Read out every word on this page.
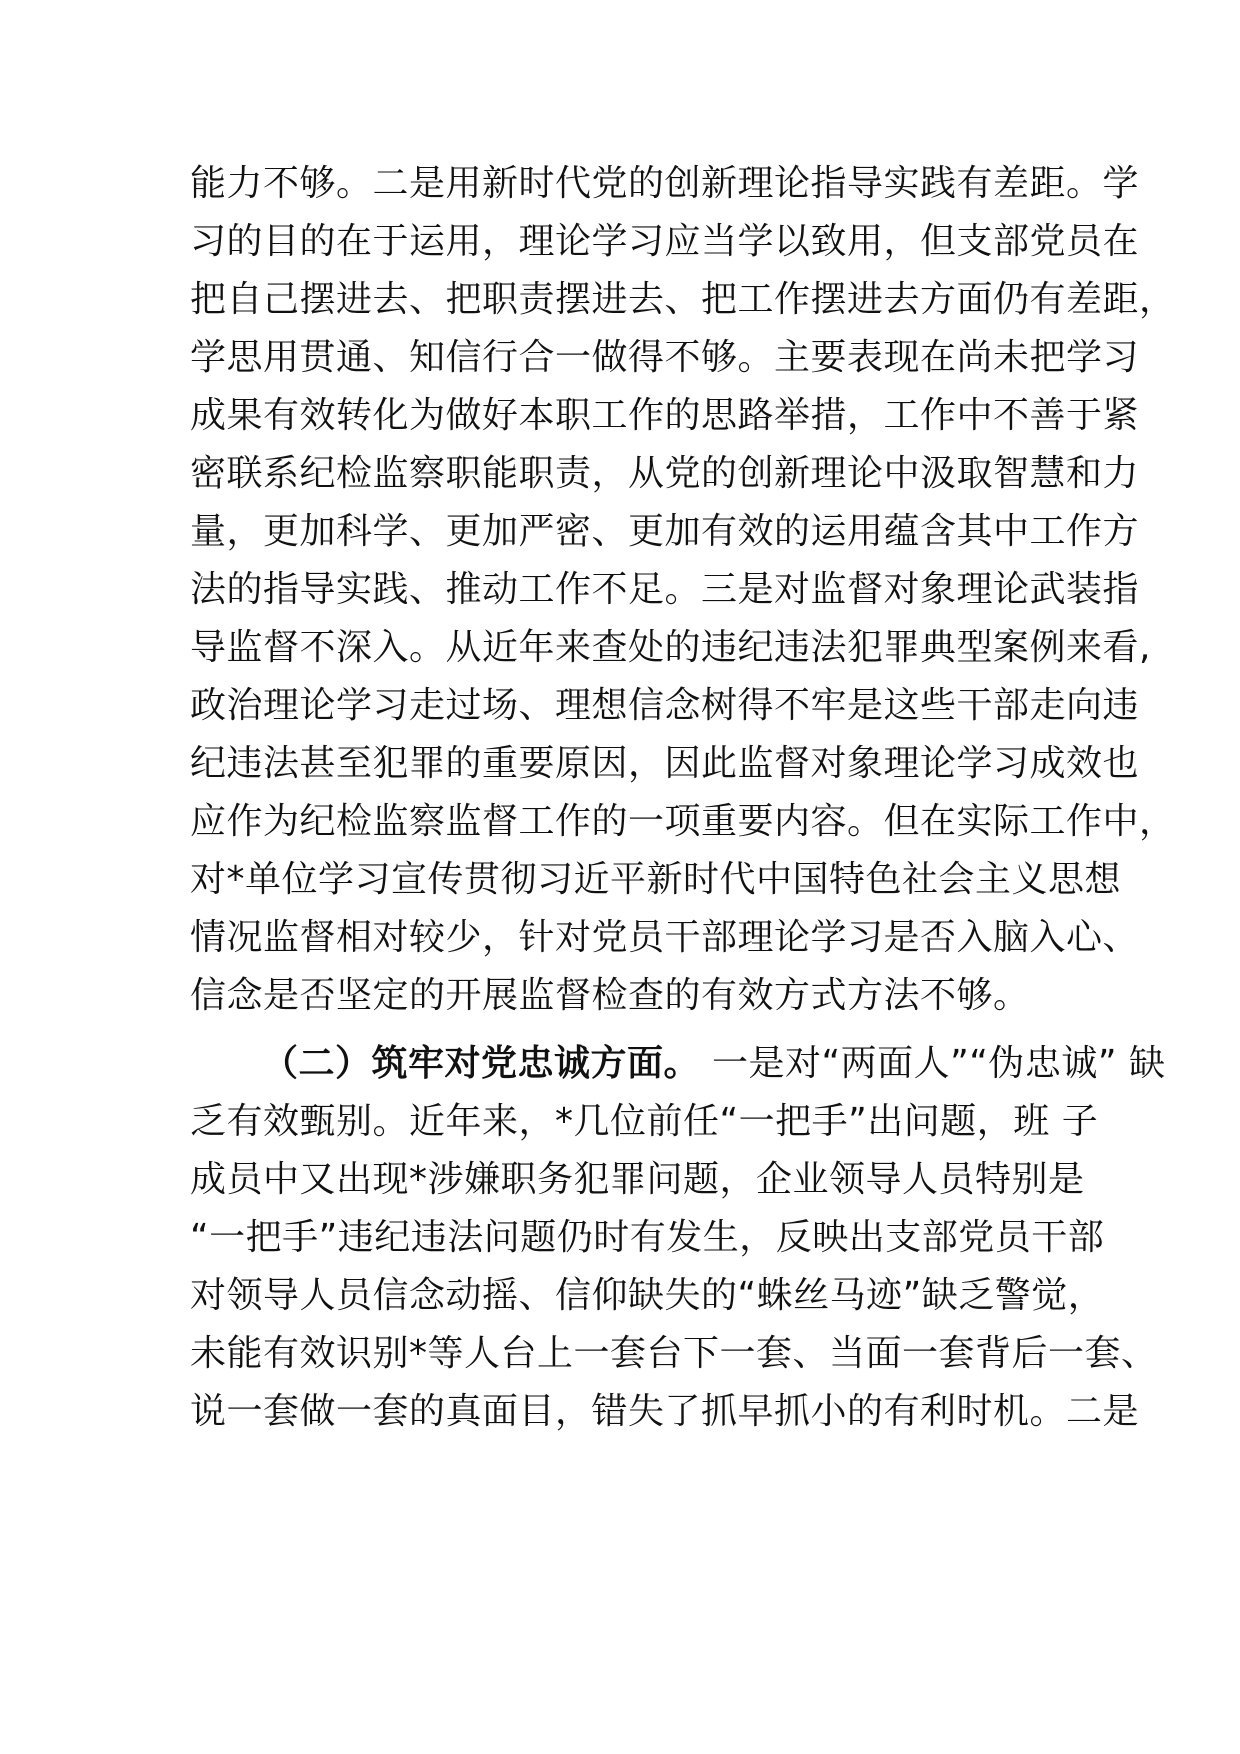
能力不够。二是用新时代党的创新理论指导实践有差距。学
习的目的在于运用，理论学习应当学以致用，但支部党员在
把自己摆进去、把职责摆进去、把工作摆进去方面仍有差距，
学思用贯通、知信行合一做得不够。主要表现在尚未把学习
成果有效转化为做好本职工作的思路举措，工作中不善于紧
密联系纪检监察职能职责，从党的创新理论中汲取智慧和力
量，更加科学、更加严密、更加有效的运用蕴含其中工作方
法的指导实践、推动工作不足。三是对监督对象理论武装指
导监督不深入。从近年来查处的违纪违法犯罪典型案例来看,
政治理论学习走过场、理想信念树得不牢是这些干部走向违
纪违法甚至犯罪的重要原因，因此监督对象理论学习成效也
应作为纪检监察监督工作的一项重要内容。但在实际工作中，
对*单位学习宣传贯彻习近平新时代中国特色社会主义思想
情况监督相对较少，针对党员干部理论学习是否入脑入心、
信念是否坚定的开展监督检查的有效方式方法不够。
（二）筑牢对党忠诚方面。 一是对“两面人”“伪忠诚” 缺
乏有效甄别。近年来，*几位前任“一把手”出问题，班 子
成员中又出现*涉嫌职务犯罪问题，企业领导人员特别是
“一把手”违纪违法问题仍时有发生，反映出支部党员干部
对领导人员信念动摇、信仰缺失的“蛛丝马迹”缺乏警觉，
未能有效识别*等人台上一套台下一套、当面一套背后一套、
说一套做一套的真面目，错失了抓早抓小的有利时机。二是
